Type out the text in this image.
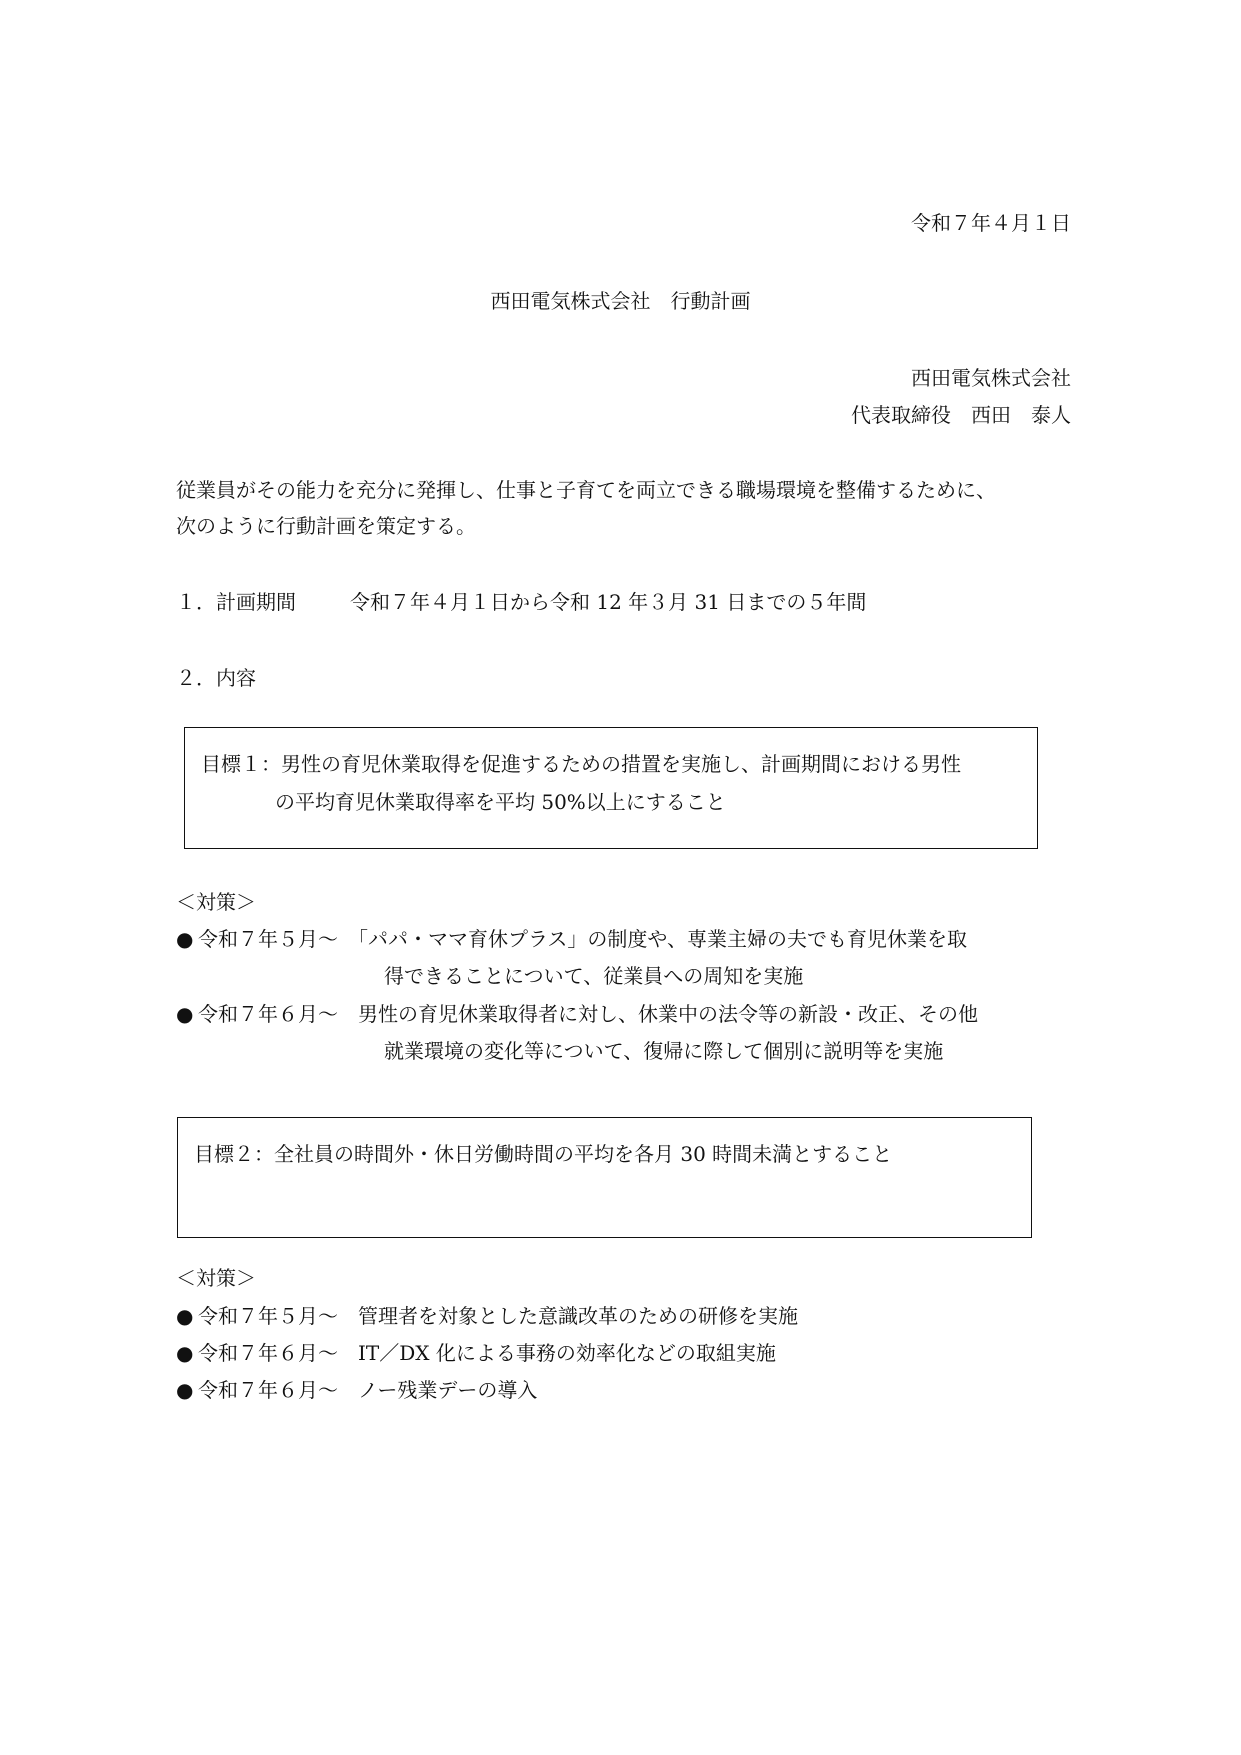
令和７年４月１日
西田電気株式会社　行動計画
西田電気株式会社
代表取締役　西田　泰人
従業員がその能力を充分に発揮し、仕事と子育てを両立できる職場環境を整備するために、
次のように行動計画を策定する。
１．計画期間	令和７年４月１日から令和 12 年３月 31 日までの５年間
２．内容
目標１：男性の育児休業取得を促進するための措置を実施し、計画期間における男性
の平均育児休業取得率を平均 50%以上にすること
＜対策＞
● 令和７年５月～　「パパ・ママ育休プラス」の制度や、専業主婦の夫でも育児休業を取
得できることについて、従業員への周知を実施
● 令和７年６月～　男性の育児休業取得者に対し、休業中の法令等の新設・改正、その他
就業環境の変化等について、復帰に際して個別に説明等を実施
目標２：全社員の時間外・休日労働時間の平均を各月 30 時間未満とすること
＜対策＞
● 令和７年５月～　管理者を対象とした意識改革のための研修を実施
● 令和７年６月～　IT／DX 化による事務の効率化などの取組実施
● 令和７年６月～　ノー残業デーの導入
